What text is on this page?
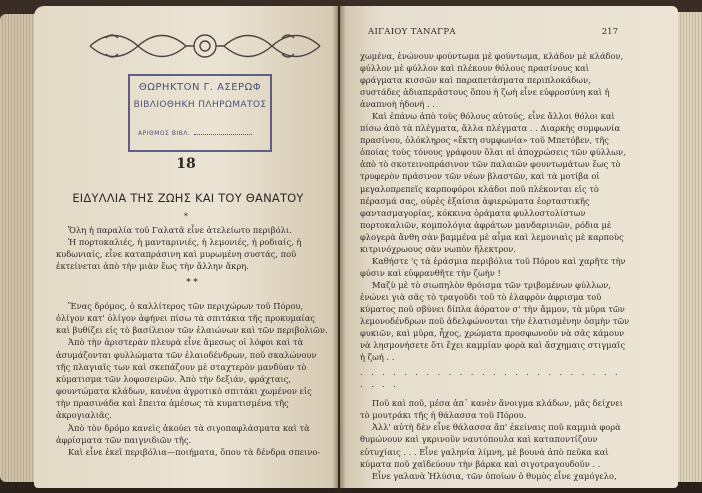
ΘΩΡΗΚΤΟΝ Γ. ΑΣΕΡΩΦ
ΒΙΒΛΙΟΘΗΚΗ ΠΛΗΡΩΜΑΤΟΣ
ΑΡΙΘΜΟΣ ΒΙΒΛ.
18
ΕΙΔΥΛΛΙΑ ΤΗΣ ΖΩΗΣ ΚΑΙ ΤΟΥ ΘΑΝΑΤΟΥ
*

Ὅλη ἡ παραλία τοῦ Γαλατᾶ εἶνε ἀτελείωτο περιβόλι.

Ἡ πορτοκαλιές, ἡ μανταρινιές, ἡ λεμονιές, ἡ ροδιαίς, ἡ κυδωνιαίς, εἶνε καταπράσινη καὶ μυρωμένη συστάς, ποῦ ἐκτείνεται ἀπὸ τὴν μιὰν ἕως τὴν ἄλλην ἄκρη.

* *

Ἕνας δρόμος, ὁ καλλίτερος τῶν περιχώρων τοῦ Πόρου, ὀλίγον κατ' ὀλίγον ἀφήνει πίσω τὰ σπιτάκια τῆς προκυμαίας καὶ βυθίζει εἰς τὸ βασίλειον τῶν ἐλαιώνων καὶ τῶν περιβολιῶν.

Ἀπὸ τὴν ἀριστερὰν πλευρὰ εἶνε ἄμεσως οἱ λόφοι καὶ τὰ ἀσυμάζονται φυλλώματα τῶν ἐλαιοδένδρων, ποῦ σκαλώνουν τῆς πλαγιαῖς των καὶ σκεπάζουν μὲ σταχτερὸν μανδύαν τὸ κύματισμα τῶν λοφοσειρῶν. Ἀπὸ τὴν δεξιάν, φράχταις, φουντώματα κλάδων, κανένα ἀγροτικὸ σπιτάκι χωμένον εἰς τὴν πρασινάδα καὶ ἔπειτα ἀμέσως τὰ κυματισμένα τῆς ἀκρογιαλιᾶς.

Ἀπὸ τὸν δρόμο κανεὶς ἀκούει τὰ σιγοπαφλάσματα καὶ τὰ ἀφρίσματα τῶν παιγνιδιῶν τῆς.

Καὶ εἶνε ἐκεῖ περιβόλια—ποιήματα, ὅπου τὰ δένδρα σπεινο-

ΑΙΓΑΙΟΥ ΤΑΝΑΓΡΑ	217

χωμένα, ἑνώνουν φούντωμα μὲ φούντωμα, κλάδον μὲ κλάδον, φύλλον μὲ φύλλον καὶ πλέκουν θόλους πρασίνους καὶ φράγματα κισσῶν καὶ παραπετάσματα περιπλοκάδων, συστάδες ἀδιαπερᾶστους ὅπου ἡ ζωὴ εἶνε εὐφροσύνη καὶ ἡ ἀναπνοὴ ἡδονή . .

Καὶ ἐπάνω ἀπὸ τοὺς θόλους αὐτούς, εἶνε ἄλλοι θόλοι καὶ πίσω ἀπὸ τὰ πλέγματα, ἄλλα πλέγματα . . Διαρκὴς συμφωνία πρασίνου, ὁλόκληρος «ἔκτη συμφωνία» τοῦ Μπετόβεν, τῆς ὁποίας τοὺς τόνους γράφουν ὅλαι αἱ ἀποχρώσεις τῶν φύλλων, ἀπὸ τὸ σκοτεινοπράσινον τῶν παλαιῶν φουντωμάτων ἕως τὸ τρυφερὸν πράσινον τῶν νέων βλαστῶν, καὶ τὰ μοτίβα οἱ μεγαλοπρεπεῖς καρποφόροι κλάδοι ποῦ πλέκονται εἰς τὸ πέρασμά σας, οὐρὲς ἐξαίσια ἀφιερώματα ἑορταστικῆς φαντασμαγορίας, κόκκινα ὁράματα φυλλοστολίστων πορτοκαλιῶν, κομπολόγια ἀφράτων μανδαρινιῶν, ρόδια μὲ φλογερὰ ἄνθη σὰν βαμμένα μὲ αἷμα καὶ λεμονιαὶς μὲ καρποὺς κιτρινόχρωους σὰν νωπὸν ἤλεκτρον.

Καθήστε 'ς τὰ ἐράσμια περιβόλια τοῦ Πόρου καὶ χαρῆτε τὴν φύσιν καὶ εὐφρανθῆτε τὴν ζωὴν !

Μαζὺ μὲ τὸ σιωπηλὸν θρόισμα τῶν τριβομένων φύλλων, ἑνώνει γιὰ σᾶς τὸ τραγοῦδι τοῦ τὸ ἐλαφρὸν ἀφρισμα τοῦ κύματος ποῦ σβύνει δίπλα ἀόρατον σ' τὴν ἄμμον, τὰ μῦρα τῶν λεμονοδένδρων ποῦ ἀδελφώνονται τὴν ἐλατισμένην ὀσμὴν τῶν φυκιῶν, καὶ μῦρα, ἦχος, χρώματα προσφωνοῦν νὰ σᾶς κάμουν νὰ λησμονήσετε ὅτι ἔχει καμμίαν φορὰ καὶ ἄσχημαις στιγμαῖς ἡ ζωή . .

. . . . . . . . . . . . . . . . . . . . . . . . . . . .

Ποῦ καὶ ποῦ, μέσα ἀπ᾽ κανὲν ἄνοιγμα κλάδων, μᾶς δείχνει τὸ μουτράκι τῆς ἡ θάλασσα τοῦ Πόρου.

Ἀλλ' αὐτὴ δὲν εἶνε θάλασσα ἄπ' ἐκείναις ποῦ καμμιὰ φορὰ θυμώνουν καὶ γκρινοῦν ναυτόπουλα καὶ καταποντίζουν εὐτυχίαις . . . Εἶνε γαληνία λίμνη, μὲ βουνὰ ἀπὸ πεῦκα καὶ κύματα ποῦ χαϊδεύουν τὴν βάρκα καὶ σιγοτραγουδοῦν . .

Εἶνε γαλανὰ Ἠλύσια, τῶν ὁποίων ὁ θυμὸς εἶνε χαμόγελο,
